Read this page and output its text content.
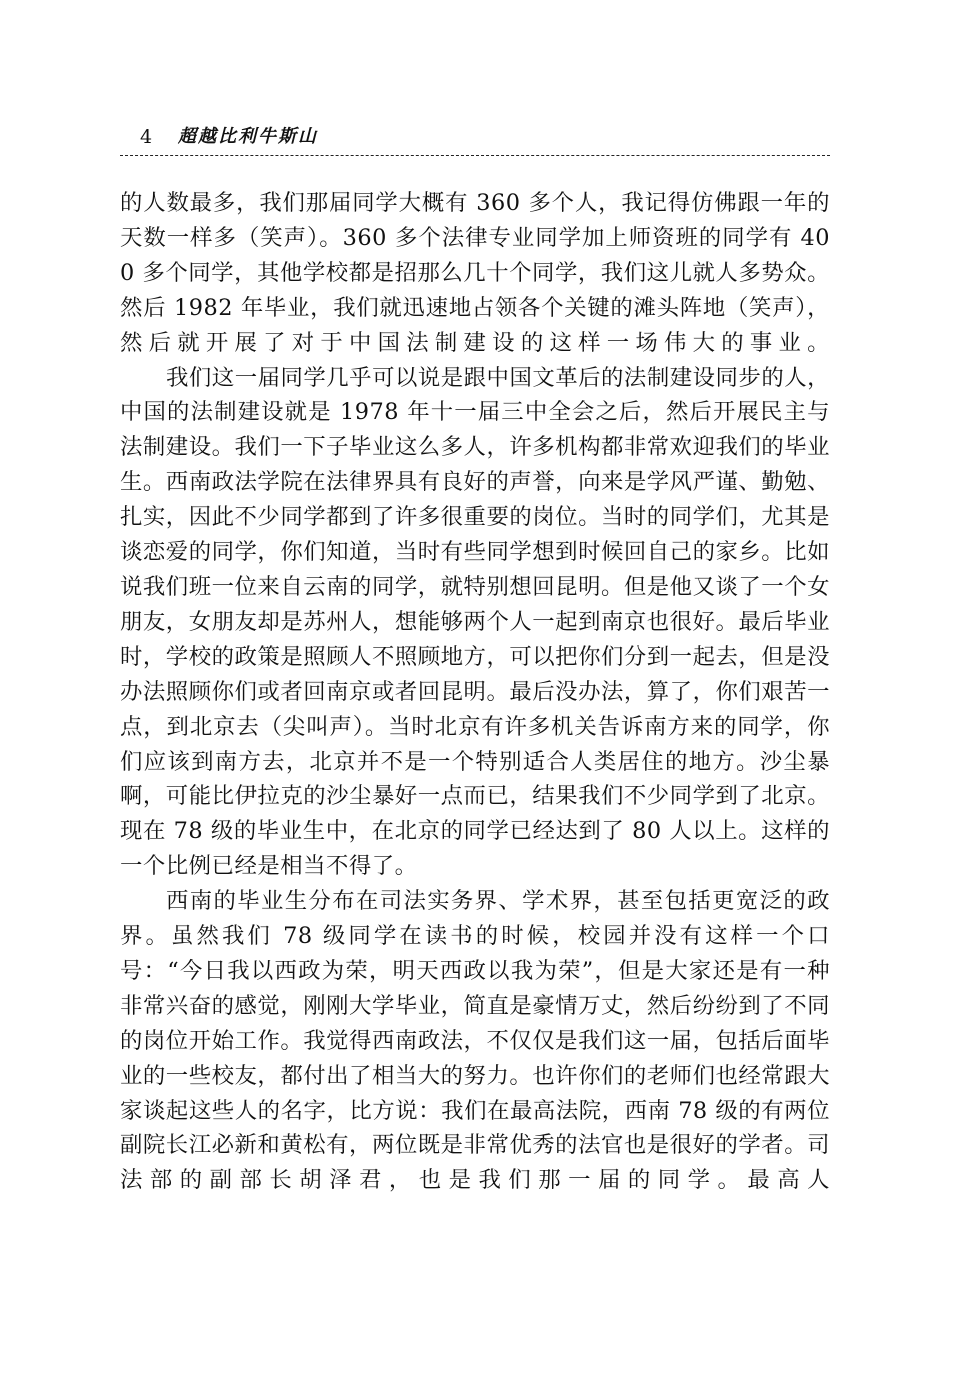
4 超越比利牛斯山

的人数最多，我们那届同学大概有 360 多个人，我记得仿佛跟一年的天数一样多（笑声）。360 多个法律专业同学加上师资班的同学有 400 多个同学，其他学校都是招那么几十个同学，我们这儿就人多势众。然后 1982 年毕业，我们就迅速地占领各个关键的滩头阵地（笑声），然后就开展了对于中国法制建设的这样一场伟大的事业。

我们这一届同学几乎可以说是跟中国文革后的法制建设同步的人，中国的法制建设就是 1978 年十一届三中全会之后，然后开展民主与法制建设。我们一下子毕业这么多人，许多机构都非常欢迎我们的毕业生。西南政法学院在法律界具有良好的声誉，向来是学风严谨、勤勉、扎实，因此不少同学都到了许多很重要的岗位。当时的同学们，尤其是谈恋爱的同学，你们知道，当时有些同学想到时候回自己的家乡。比如说我们班一位来自云南的同学，就特别想回昆明。但是他又谈了一个女朋友，女朋友却是苏州人，想能够两个人一起到南京也很好。最后毕业时，学校的政策是照顾人不照顾地方，可以把你们分到一起去，但是没办法照顾你们或者回南京或者回昆明。最后没办法，算了，你们艰苦一点，到北京去（尖叫声）。当时北京有许多机关告诉南方来的同学，你们应该到南方去，北京并不是一个特别适合人类居住的地方。沙尘暴啊，可能比伊拉克的沙尘暴好一点而已，结果我们不少同学到了北京。现在 78 级的毕业生中，在北京的同学已经达到了 80 人以上。这样的一个比例已经是相当不得了。

西南的毕业生分布在司法实务界、学术界，甚至包括更宽泛的政界。虽然我们 78 级同学在读书的时候，校园并没有这样一个口号：“今日我以西政为荣，明天西政以我为荣”，但是大家还是有一种非常兴奋的感觉，刚刚大学毕业，简直是豪情万丈，然后纷纷到了不同的岗位开始工作。我觉得西南政法，不仅仅是我们这一届，包括后面毕业的一些校友，都付出了相当大的努力。也许你们的老师们也经常跟大家谈起这些人的名字，比方说：我们在最高法院，西南 78 级的有两位副院长江必新和黄松有，两位既是非常优秀的法官也是很好的学者。司法部的副部长胡泽君，也是我们那一届的同学。最高人
